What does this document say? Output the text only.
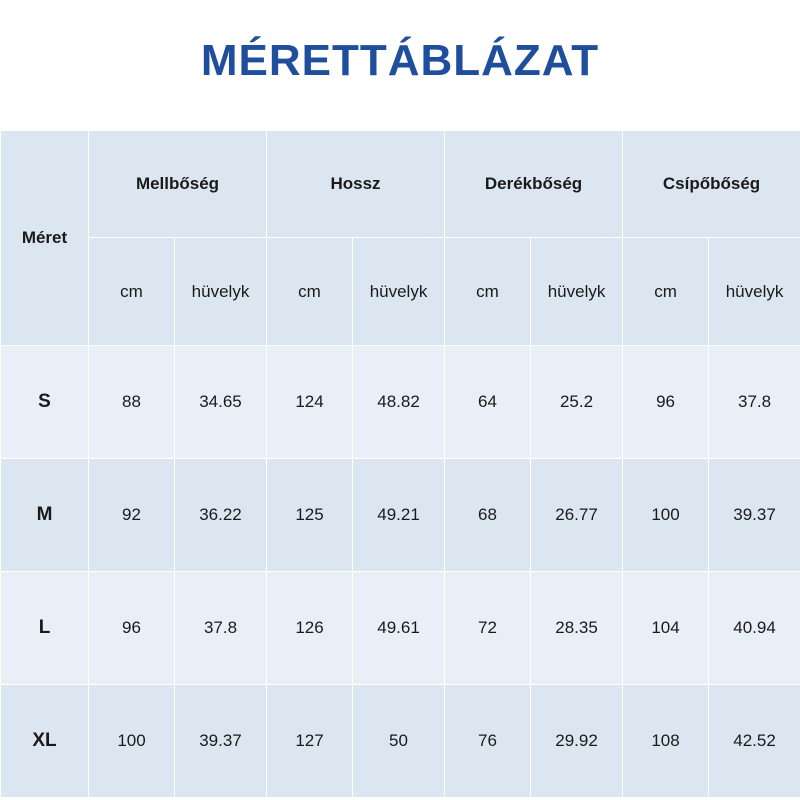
MÉRETTÁBLÁZAT
Méret	Mellbőség		Hossz		Derékbőség		Csípőbőség	
	cm	hüvelyk	cm	hüvelyk	cm	hüvelyk	cm	hüvelyk
S	88	34.65	124	48.82	64	25.2	96	37.8
M	92	36.22	125	49.21	68	26.77	100	39.37
L	96	37.8	126	49.61	72	28.35	104	40.94
XL	100	39.37	127	50	76	29.92	108	42.52
